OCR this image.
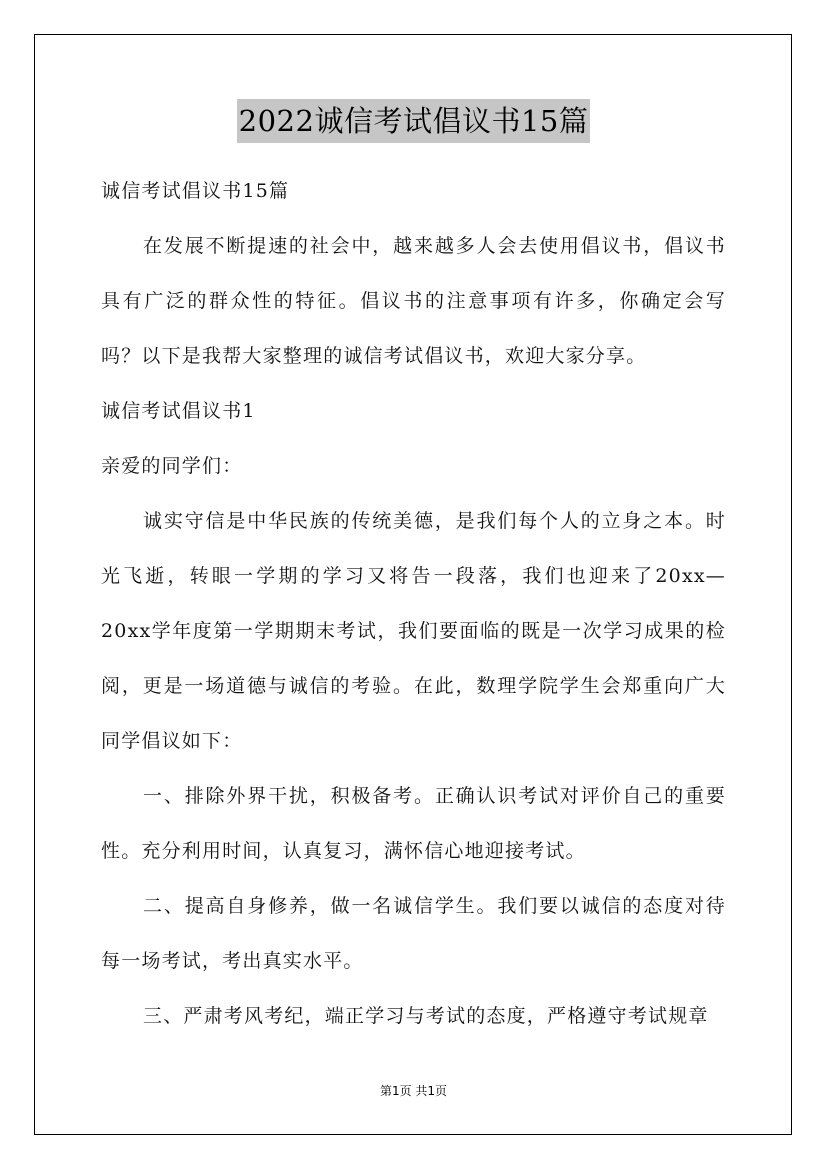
2022诚信考试倡议书15篇
诚信考试倡议书15篇
在发展不断提速的社会中，越来越多人会去使用倡议书，倡议书具有广泛的群众性的特征。倡议书的注意事项有许多，你确定会写吗？以下是我帮大家整理的诚信考试倡议书，欢迎大家分享。
诚信考试倡议书1
亲爱的同学们：
诚实守信是中华民族的传统美德，是我们每个人的立身之本。时光飞逝，转眼一学期的学习又将告一段落，我们也迎来了20xx—20xx学年度第一学期期末考试，我们要面临的既是一次学习成果的检阅，更是一场道德与诚信的考验。在此，数理学院学生会郑重向广大同学倡议如下：
一、排除外界干扰，积极备考。正确认识考试对评价自己的重要性。充分利用时间，认真复习，满怀信心地迎接考试。
二、提高自身修养，做一名诚信学生。我们要以诚信的态度对待每一场考试，考出真实水平。
三、严肃考风考纪，端正学习与考试的态度，严格遵守考试规章
第1页 共1页
